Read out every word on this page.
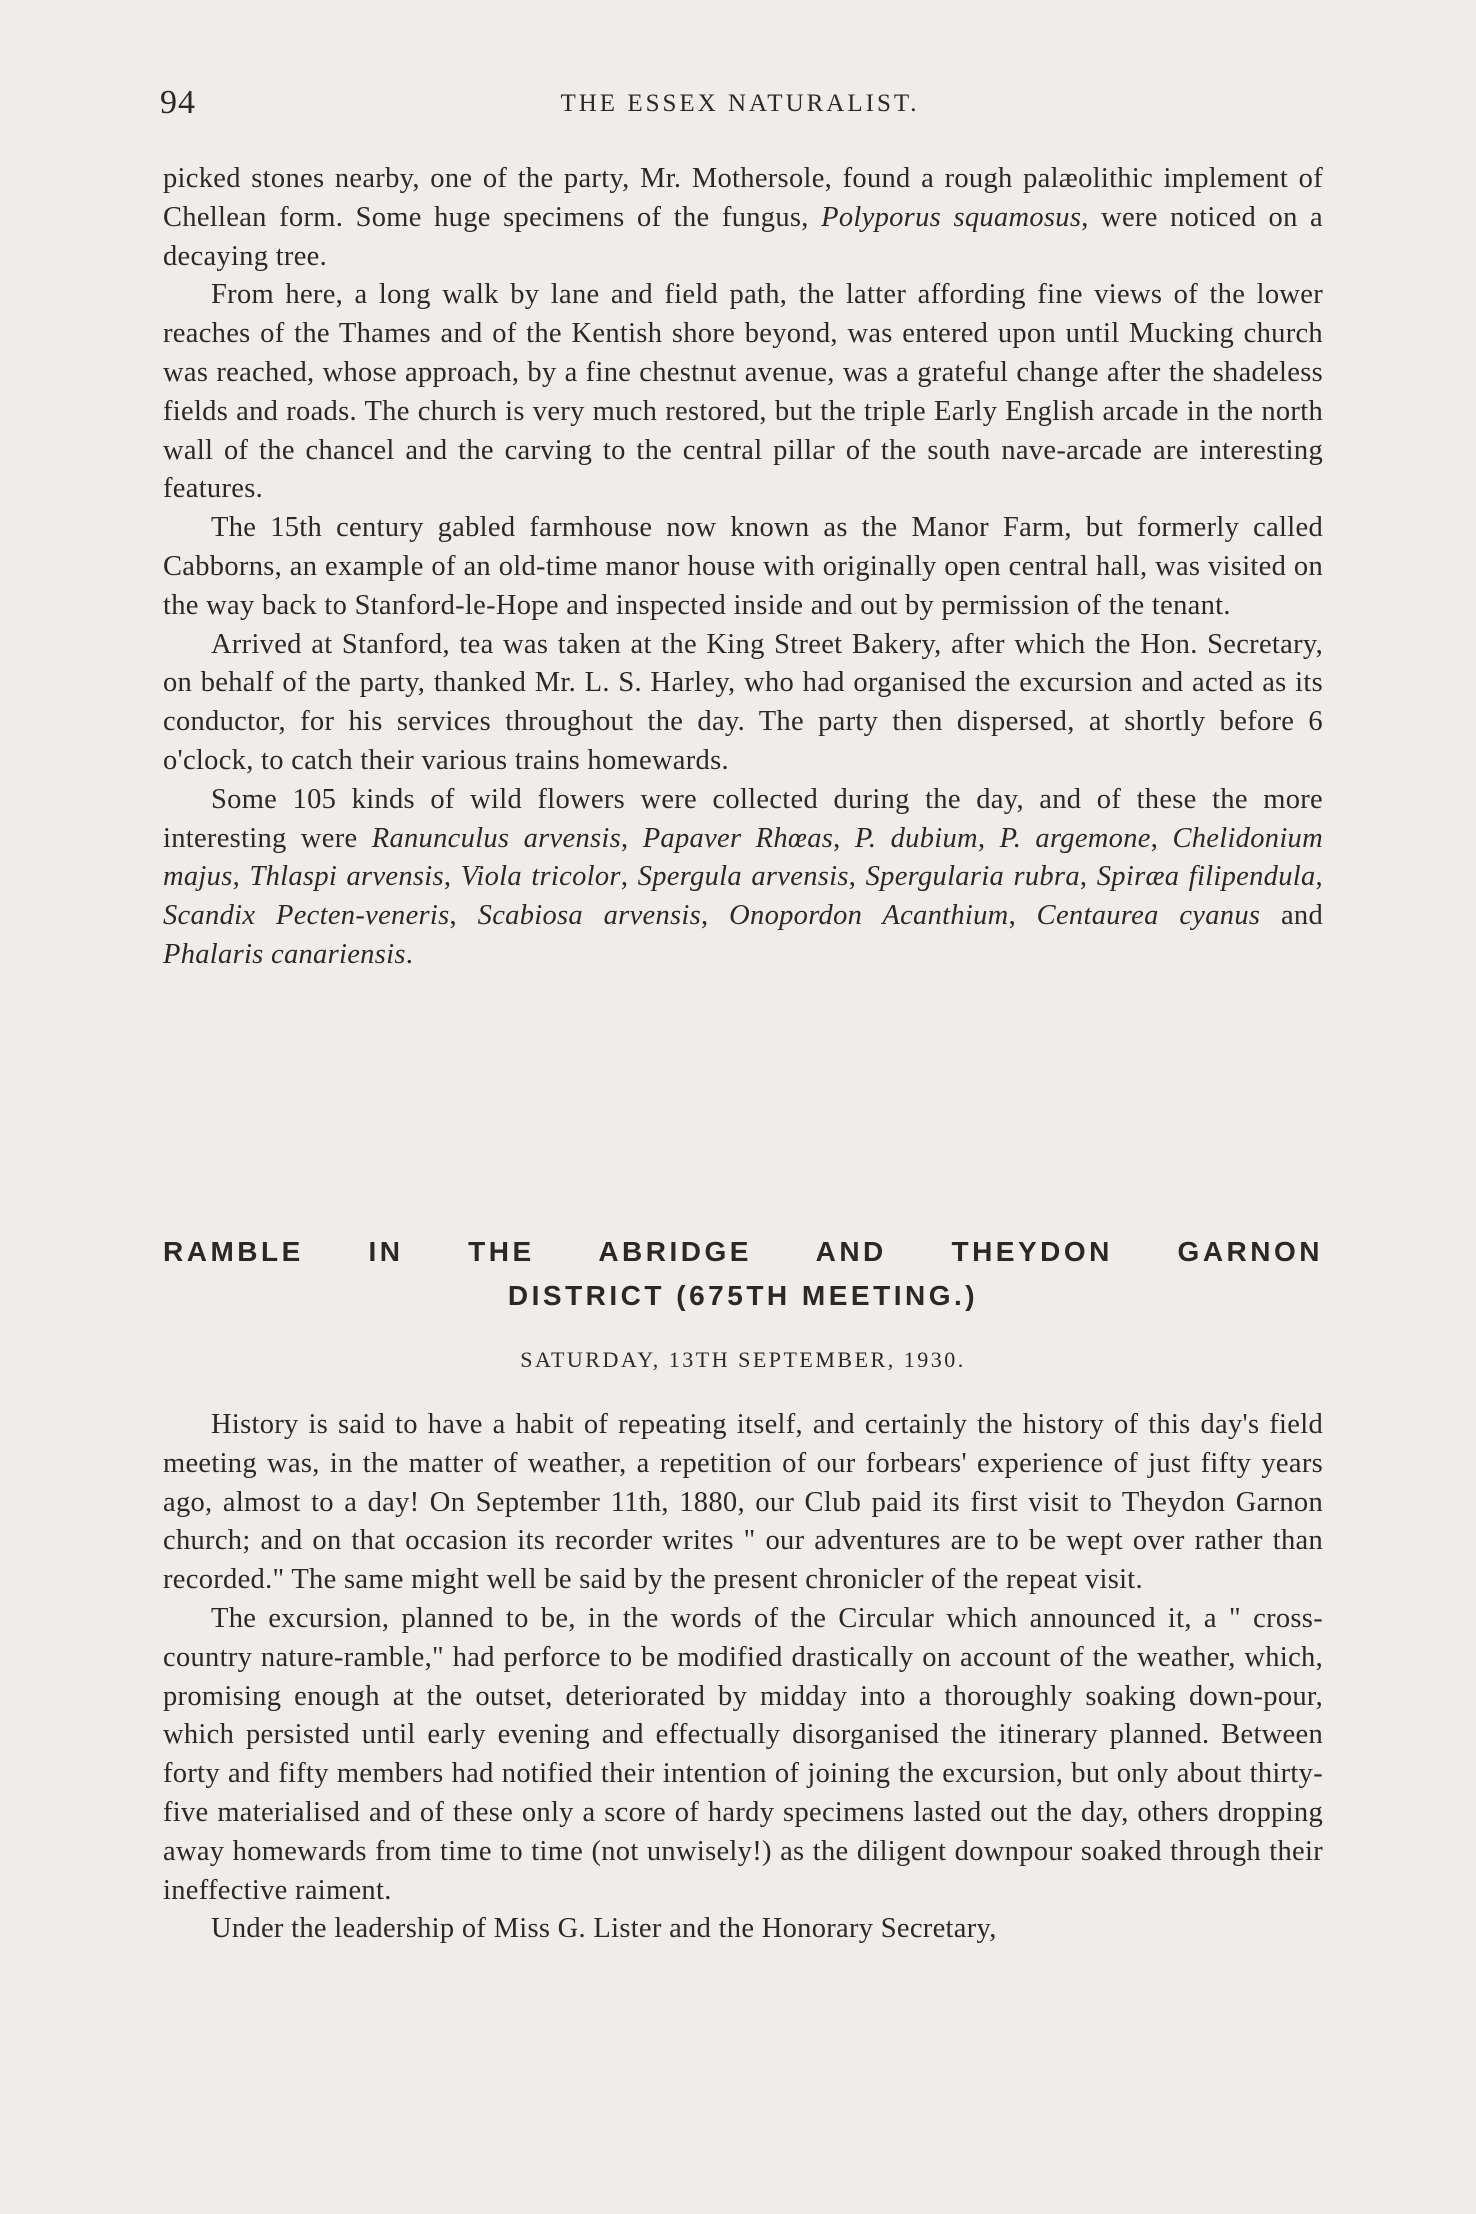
94	THE ESSEX NATURALIST.

picked stones nearby, one of the party, Mr. Mothersole, found a rough palæolithic implement of Chellean form. Some huge specimens of the fungus, Polyporus squamosus, were noticed on a decaying tree.

From here, a long walk by lane and field path, the latter affording fine views of the lower reaches of the Thames and of the Kentish shore beyond, was entered upon until Mucking church was reached, whose approach, by a fine chestnut avenue, was a grateful change after the shadeless fields and roads. The church is very much restored, but the triple Early English arcade in the north wall of the chancel and the carving to the central pillar of the south nave-arcade are interesting features.

The 15th century gabled farmhouse now known as the Manor Farm, but formerly called Cabborns, an example of an old-time manor house with originally open central hall, was visited on the way back to Stanford-le-Hope and inspected inside and out by permission of the tenant.

Arrived at Stanford, tea was taken at the King Street Bakery, after which the Hon. Secretary, on behalf of the party, thanked Mr. L. S. Harley, who had organised the excursion and acted as its conductor, for his services throughout the day. The party then dispersed, at shortly before 6 o'clock, to catch their various trains homewards.

Some 105 kinds of wild flowers were collected during the day, and of these the more interesting were Ranunculus arvensis, Papaver Rhœas, P. dubium, P. argemone, Chelidonium majus, Thlaspi arvensis, Viola tricolor, Spergula arvensis, Spergularia rubra, Spiræa filipendula, Scandix Pecten-veneris, Scabiosa arvensis, Onopordon Acanthium, Centaurea cyanus and Phalaris canariensis.

RAMBLE IN THE ABRIDGE AND THEYDON GARNON
DISTRICT (675TH MEETING.)
SATURDAY, 13TH SEPTEMBER, 1930.

History is said to have a habit of repeating itself, and certainly the history of this day's field meeting was, in the matter of weather, a repetition of our forbears' experience of just fifty years ago, almost to a day! On September 11th, 1880, our Club paid its first visit to Theydon Garnon church; and on that occasion its recorder writes " our adventures are to be wept over rather than recorded." The same might well be said by the present chronicler of the repeat visit.

The excursion, planned to be, in the words of the Circular which announced it, a " cross-country nature-ramble," had perforce to be modified drastically on account of the weather, which, promising enough at the outset, deteriorated by midday into a thoroughly soaking down-pour, which persisted until early evening and effectually disorganised the itinerary planned. Between forty and fifty members had notified their intention of joining the excursion, but only about thirty-five materialised and of these only a score of hardy specimens lasted out the day, others dropping away homewards from time to time (not unwisely!) as the diligent downpour soaked through their ineffective raiment.

Under the leadership of Miss G. Lister and the Honorary Secretary,
